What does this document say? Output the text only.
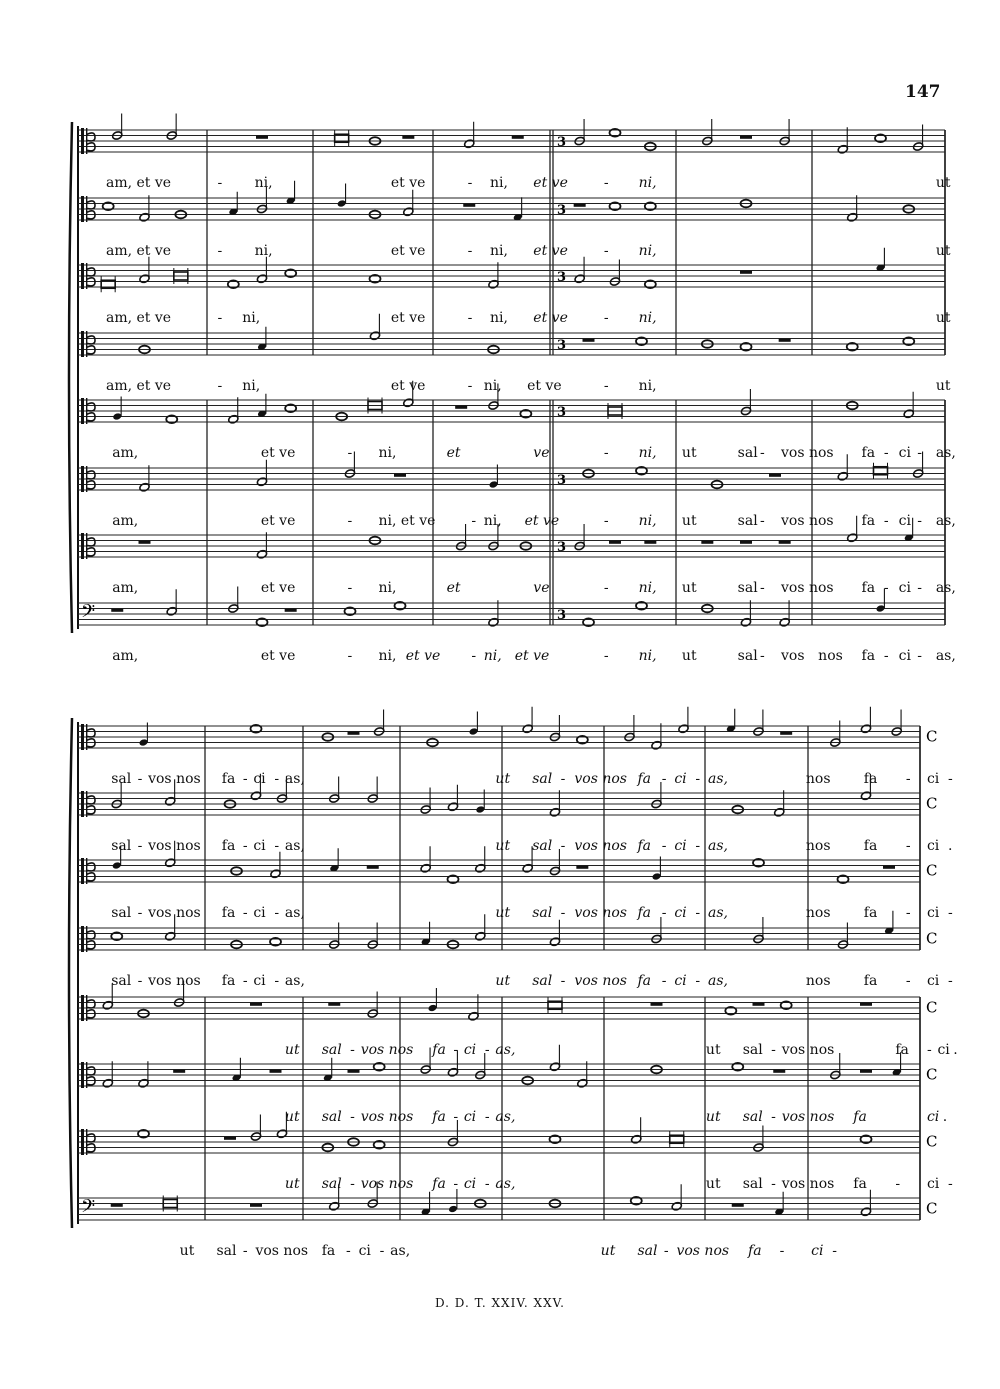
3
3
3
3
3
3
3
𝄢	3
C
C
C
C
C
C
C
𝄢	C
147
D. D. T. XXIV. XXV.
am, et ve	- ni,	et ve	- ni, et ve	- ni,	ut
am, et ve	- ni,	et ve	- ni, et ve	- ni,	ut
am, et ve	- ni,	et ve	- ni, et ve	- ni,	ut
am, et ve	- ni,	et ve	- ni, et ve	- ni,	ut
am,	et ve	- ni,	et	ve	- ni, ut	sal - vos nos fa - ci - as,
am,	et ve	- ni, et ve	- ni, et ve	- ni, ut	sal - vos nos fa - ci - as,
am,	et ve	- ni,	et	ve	- ni, ut	sal - vos nos fa - ci - as,
am,	et ve	- ni, et ve - ni, et ve	- ni, ut	sal - vos nos fa - ci - as,
sal - vos nos fa - ci - as,	ut sal - vos nos fa - ci - as,	nos fa - ci -
sal - vos nos fa - ci - as,	ut sal - vos nos fa - ci - as,	nos fa - ci .
sal - vos nos fa - ci - as,	ut sal - vos nos fa - ci - as,	nos fa - ci -
sal - vos nos fa - ci - as,	ut sal - vos nos fa - ci - as,	nos fa - ci -
ut sal - vos nos fa - ci - as,	ut sal - vos nos	fa - ci .
ut sal - vos nos fa - ci - as,	ut sal - vos nos fa	ci .
ut sal - vos nos fa - ci - as,	ut sal - vos nos fa - ci -
ut sal - vos nos fa - ci - as,	ut sal - vos nos fa - ci -
